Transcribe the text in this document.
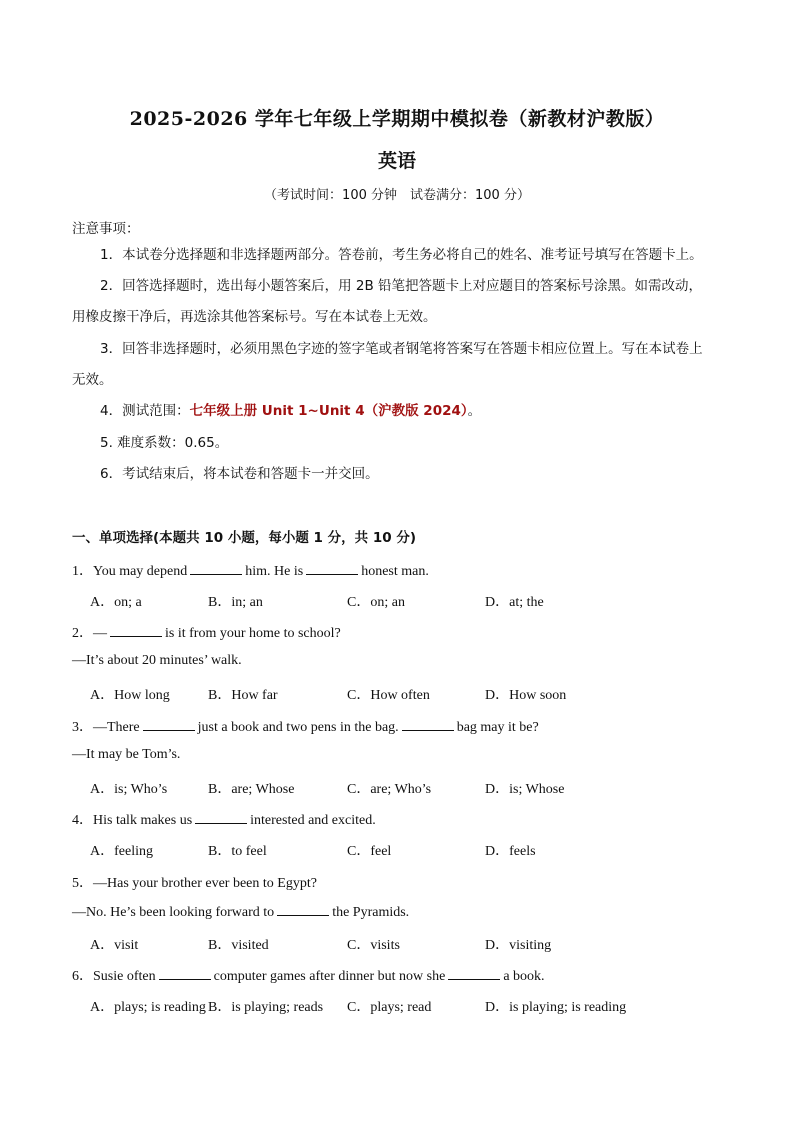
2025-2026 学年七年级上学期期中模拟卷（新教材沪教版）
英语
（考试时间：100 分钟　试卷满分：100 分）
注意事项：
1．本试卷分选择题和非选择题两部分。答卷前，考生务必将自己的姓名、准考证号填写在答题卡上。
2．回答选择题时，选出每小题答案后，用 2B 铅笔把答题卡上对应题目的答案标号涂黑。如需改动，
用橡皮擦干净后，再选涂其他答案标号。写在本试卷上无效。
3．回答非选择题时，必须用黑色字迹的签字笔或者钢笔将答案写在答题卡相应位置上。写在本试卷上
无效。
4．测试范围：七年级上册 Unit 1~Unit 4（沪教版 2024）。
5. 难度系数：0.65。
6．考试结束后，将本试卷和答题卡一并交回。
一、单项选择(本题共 10 小题，每小题 1 分，共 10 分)
1．You may depend	him. He is	honest man.
A．on; a	B．in; an	C．on; an	D．at; the
2．—	is it from your home to school?
—It’s about 20 minutes’ walk.
A．How long	B．How far	C．How often	D．How soon
3．—There	just a book and two pens in the bag.	bag may it be?
—It may be Tom’s.
A．is; Who’s	B．are; Whose	C．are; Who’s	D．is; Whose
4．His talk makes us	interested and excited.
A．feeling	B．to feel	C．feel	D．feels
5．—Has your brother ever been to Egypt?
—No. He’s been looking forward to	the Pyramids.
A．visit	B．visited	C．visits	D．visiting
6．Susie often	computer games after dinner but now she	a book.
A．plays; is reading B．is playing; reads C．plays; read	D．is playing; is reading
